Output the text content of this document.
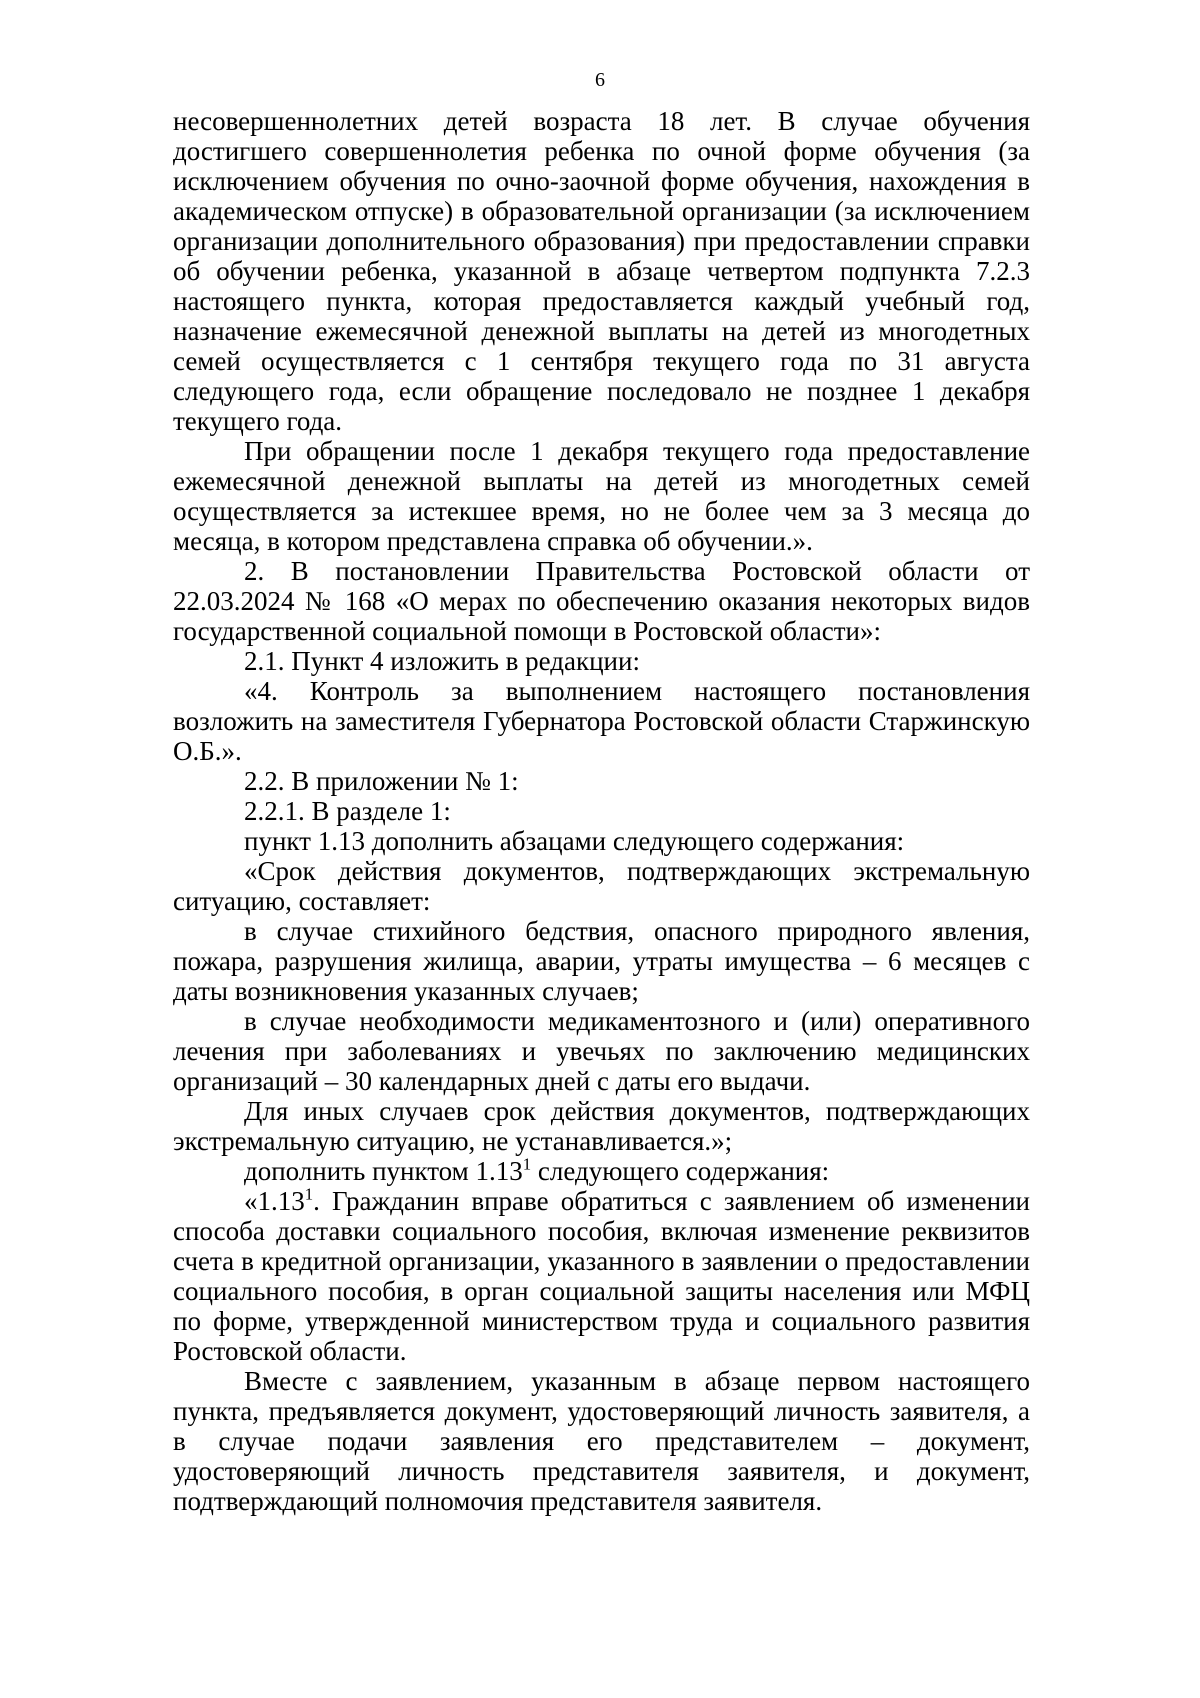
6

несовершеннолетних детей возраста 18 лет. В случае обучения достигшего совершеннолетия ребенка по очной форме обучения (за исключением обучения по очно-заочной форме обучения, нахождения в академическом отпуске) в образовательной организации (за исключением организации дополнительного образования) при предоставлении справки об обучении ребенка, указанной в абзаце четвертом подпункта 7.2.3 настоящего пункта, которая предоставляется каждый учебный год, назначение ежемесячной денежной выплаты на детей из многодетных семей осуществляется с 1 сентября текущего года по 31 августа следующего года, если обращение последовало не позднее 1 декабря текущего года.

При обращении после 1 декабря текущего года предоставление ежемесячной денежной выплаты на детей из многодетных семей осуществляется за истекшее время, но не более чем за 3 месяца до месяца, в котором представлена справка об обучении.».

2. В постановлении Правительства Ростовской области от 22.03.2024 № 168 «О мерах по обеспечению оказания некоторых видов государственной социальной помощи в Ростовской области»:

2.1. Пункт 4 изложить в редакции:

«4. Контроль за выполнением настоящего постановления возложить на заместителя Губернатора Ростовской области Старжинскую О.Б.».

2.2. В приложении № 1:

2.2.1. В разделе 1:

пункт 1.13 дополнить абзацами следующего содержания:

«Срок действия документов, подтверждающих экстремальную ситуацию, составляет:

в случае стихийного бедствия, опасного природного явления, пожара, разрушения жилища, аварии, утраты имущества – 6 месяцев с даты возникновения указанных случаев;

в случае необходимости медикаментозного и (или) оперативного лечения при заболеваниях и увечьях по заключению медицинских организаций – 30 календарных дней с даты его выдачи.

Для иных случаев срок действия документов, подтверждающих экстремальную ситуацию, не устанавливается.»;

дополнить пунктом 1.13$^1$ следующего содержания:

«1.13$^1$. Гражданин вправе обратиться с заявлением об изменении способа доставки социального пособия, включая изменение реквизитов счета в кредитной организации, указанного в заявлении о предоставлении социального пособия, в орган социальной защиты населения или МФЦ по форме, утвержденной министерством труда и социального развития Ростовской области.

Вместе с заявлением, указанным в абзаце первом настоящего пункта, предъявляется документ, удостоверяющий личность заявителя, а в случае подачи заявления его представителем – документ, удостоверяющий личность представителя заявителя, и документ, подтверждающий полномочия представителя заявителя.
